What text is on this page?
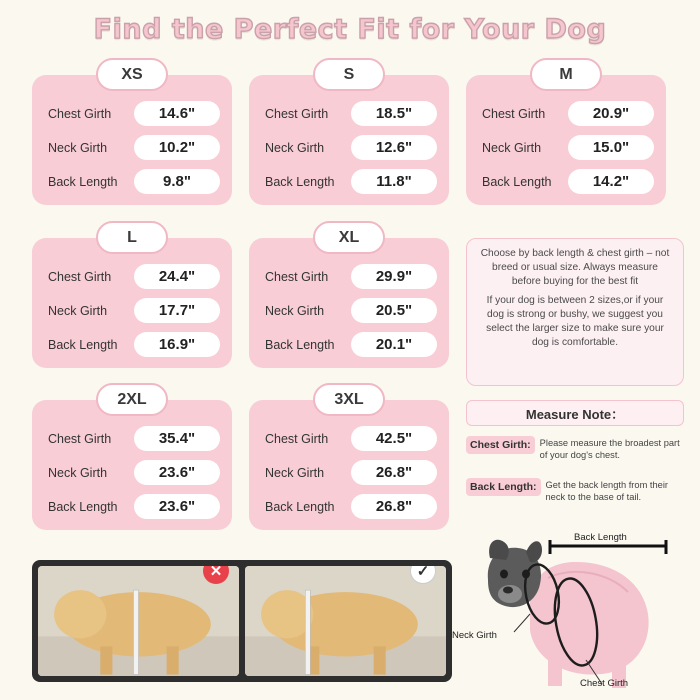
Find the Perfect Fit for Your Dog
XS
Chest Girth	14.6"
Neck Girth	10.2"
Back Length	9.8"
S
Chest Girth	18.5"
Neck Girth	12.6"
Back Length	11.8"
M
Chest Girth	20.9"
Neck Girth	15.0"
Back Length	14.2"
L
Chest Girth	24.4"
Neck Girth	17.7"
Back Length	16.9"
XL
Chest Girth	29.9"
Neck Girth	20.5"
Back Length	20.1"
2XL
Chest Girth	35.4"
Neck Girth	23.6"
Back Length	23.6"
3XL
Chest Girth	42.5"
Neck Girth	26.8"
Back Length	26.8"

Choose by back length & chest girth – not breed or usual size. Always measure before buying for the best fit

If your dog is between 2 sizes,or if your dog is strong or bushy, we suggest you select the larger size to make sure your dog is comfortable.

Measure Note：
Chest Girth: Please measure the broadest part of your dog's chest.
Back Length: Get the back length from their neck to the base of tail.
✕	✓
Back Length
Neck Girth
Chest Girth
